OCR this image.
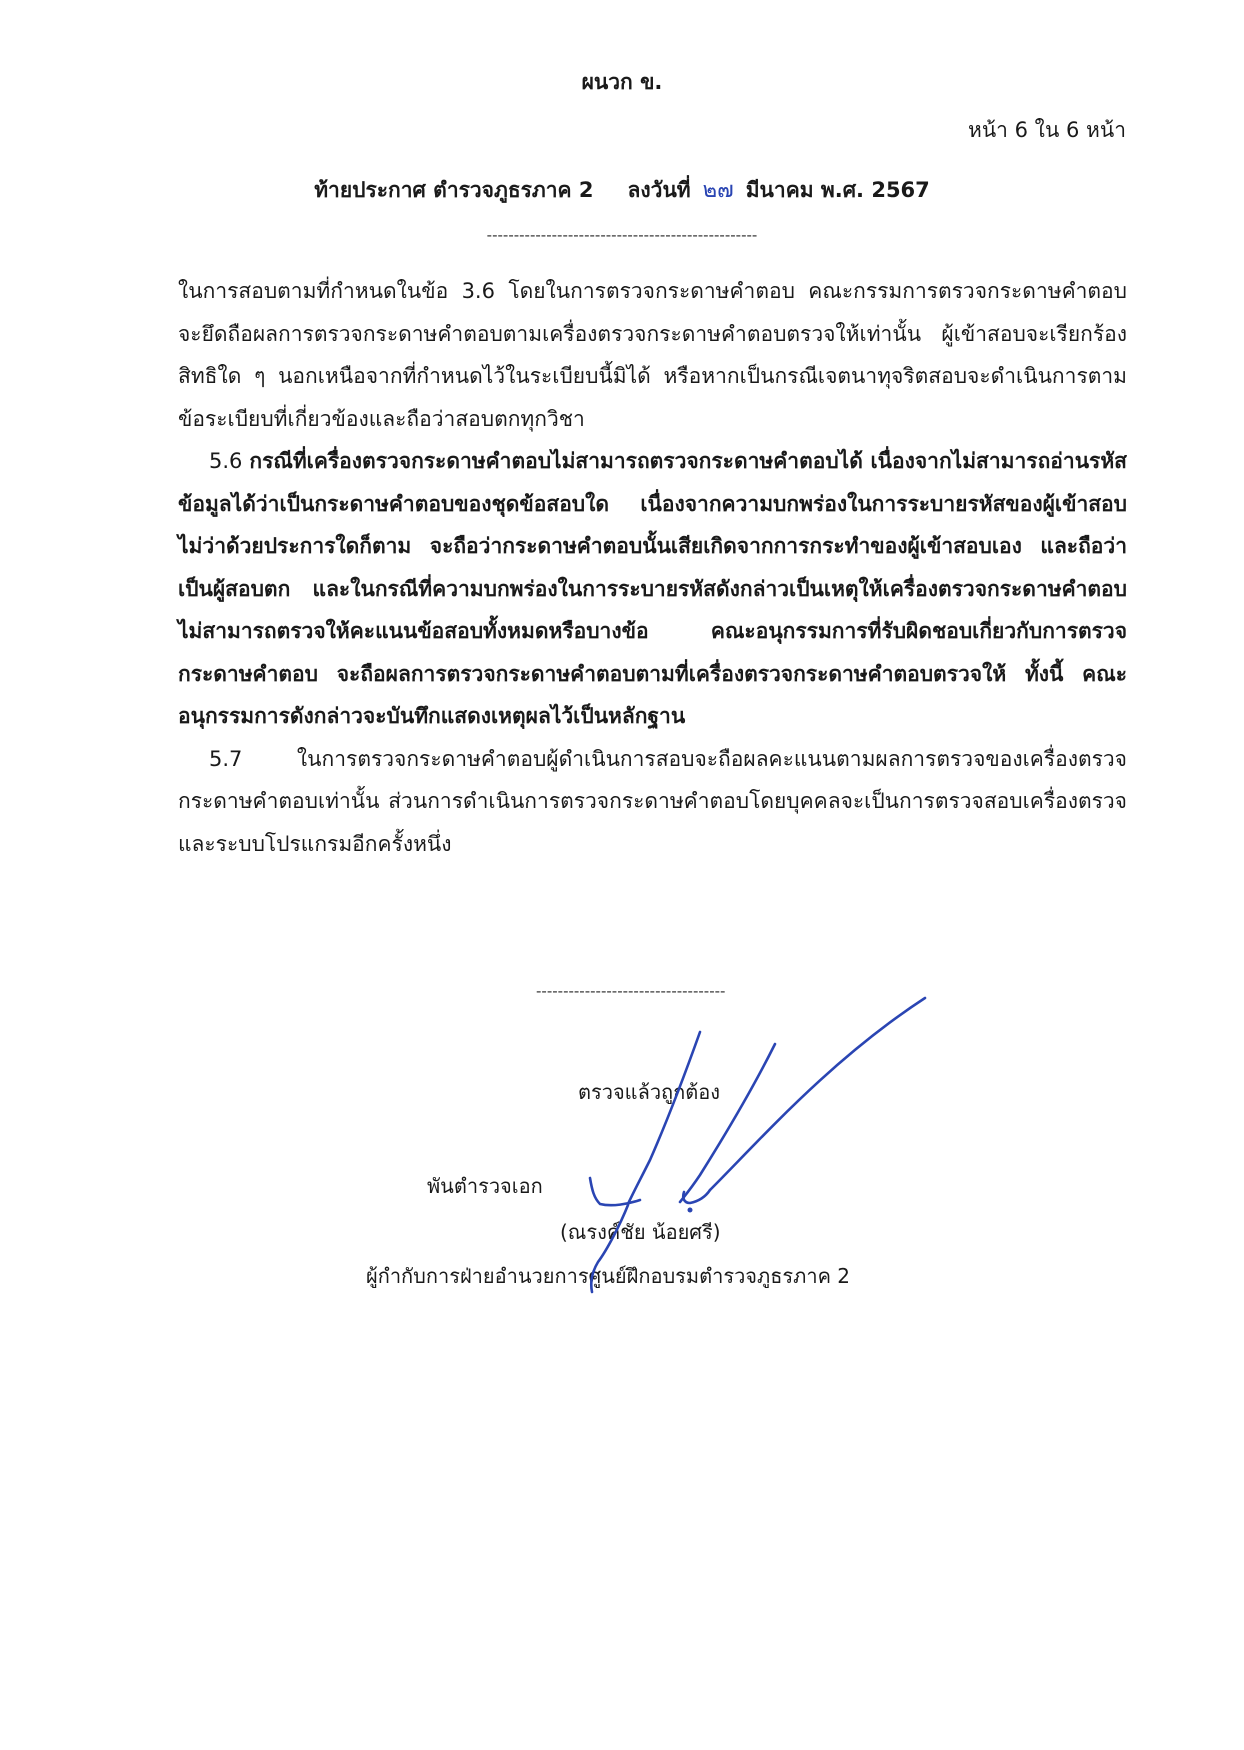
ผนวก ข.
หน้า 6 ใน 6 หน้า
ท้ายประกาศ ตำรวจภูธรภาค 2 ลงวันที่ ๒๗ มีนาคม พ.ศ. 2567
--------------------------------------------------

ในการสอบตามที่กำหนดในข้อ 3.6 โดยในการตรวจกระดาษคำตอบ คณะกรรมการตรวจกระดาษคำตอบจะยึดถือผลการตรวจกระดาษคำตอบตามเครื่องตรวจกระดาษคำตอบตรวจให้เท่านั้น ผู้เข้าสอบจะเรียกร้องสิทธิใด ๆ นอกเหนือจากที่กำหนดไว้ในระเบียบนี้มิได้ หรือหากเป็นกรณีเจตนาทุจริตสอบจะดำเนินการตามข้อระเบียบที่เกี่ยวข้องและถือว่าสอบตกทุกวิชา

5.6 กรณีที่เครื่องตรวจกระดาษคำตอบไม่สามารถตรวจกระดาษคำตอบได้ เนื่องจากไม่สามารถอ่านรหัสข้อมูลได้ว่าเป็นกระดาษคำตอบของชุดข้อสอบใด เนื่องจากความบกพร่องในการระบายรหัสของผู้เข้าสอบไม่ว่าด้วยประการใดก็ตาม จะถือว่ากระดาษคำตอบนั้นเสียเกิดจากการกระทำของผู้เข้าสอบเอง และถือว่าเป็นผู้สอบตก และในกรณีที่ความบกพร่องในการระบายรหัสดังกล่าวเป็นเหตุให้เครื่องตรวจกระดาษคำตอบไม่สามารถตรวจให้คะแนนข้อสอบทั้งหมดหรือบางข้อ คณะอนุกรรมการที่รับผิดชอบเกี่ยวกับการตรวจกระดาษคำตอบ จะถือผลการตรวจกระดาษคำตอบตามที่เครื่องตรวจกระดาษคำตอบตรวจให้ ทั้งนี้ คณะอนุกรรมการดังกล่าวจะบันทึกแสดงเหตุผลไว้เป็นหลักฐาน

5.7 ในการตรวจกระดาษคำตอบผู้ดำเนินการสอบจะถือผลคะแนนตามผลการตรวจของเครื่องตรวจกระดาษคำตอบเท่านั้น ส่วนการดำเนินการตรวจกระดาษคำตอบโดยบุคคลจะเป็นการตรวจสอบเครื่องตรวจและระบบโปรแกรมอีกครั้งหนึ่ง

-----------------------------------
ตรวจแล้วถูกต้อง
พันตำรวจเอก
(ณรงค์ชัย น้อยศรี)
ผู้กำกับการฝ่ายอำนวยการศูนย์ฝึกอบรมตำรวจภูธรภาค 2
